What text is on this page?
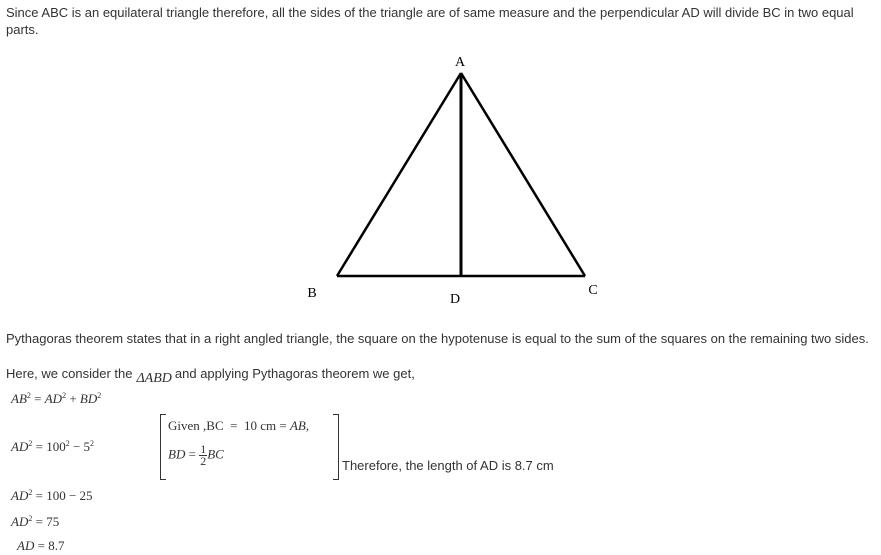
Since ABC is an equilateral triangle therefore, all the sides of the triangle are of same measure and the perpendicular AD will divide BC in two equal parts.
A
B	C
D
Pythagoras theorem states that in a right angled triangle, the square on the hypotenuse is equal to the sum of the squares on the remaining two sides.
Here, we consider the ΔABD and applying Pythagoras theorem we get,
$AB^2 = AD^2 + BD^2$
$AD^2 = 100^2 - 5^2$
Given ,BC  =  10 cm = AB,
BD = $\frac{1}{2}$ BC
Therefore, the length of AD is 8.7 cm
$AD^2 = 100 - 25$
$AD^2 = 75$
AD = 8.7
